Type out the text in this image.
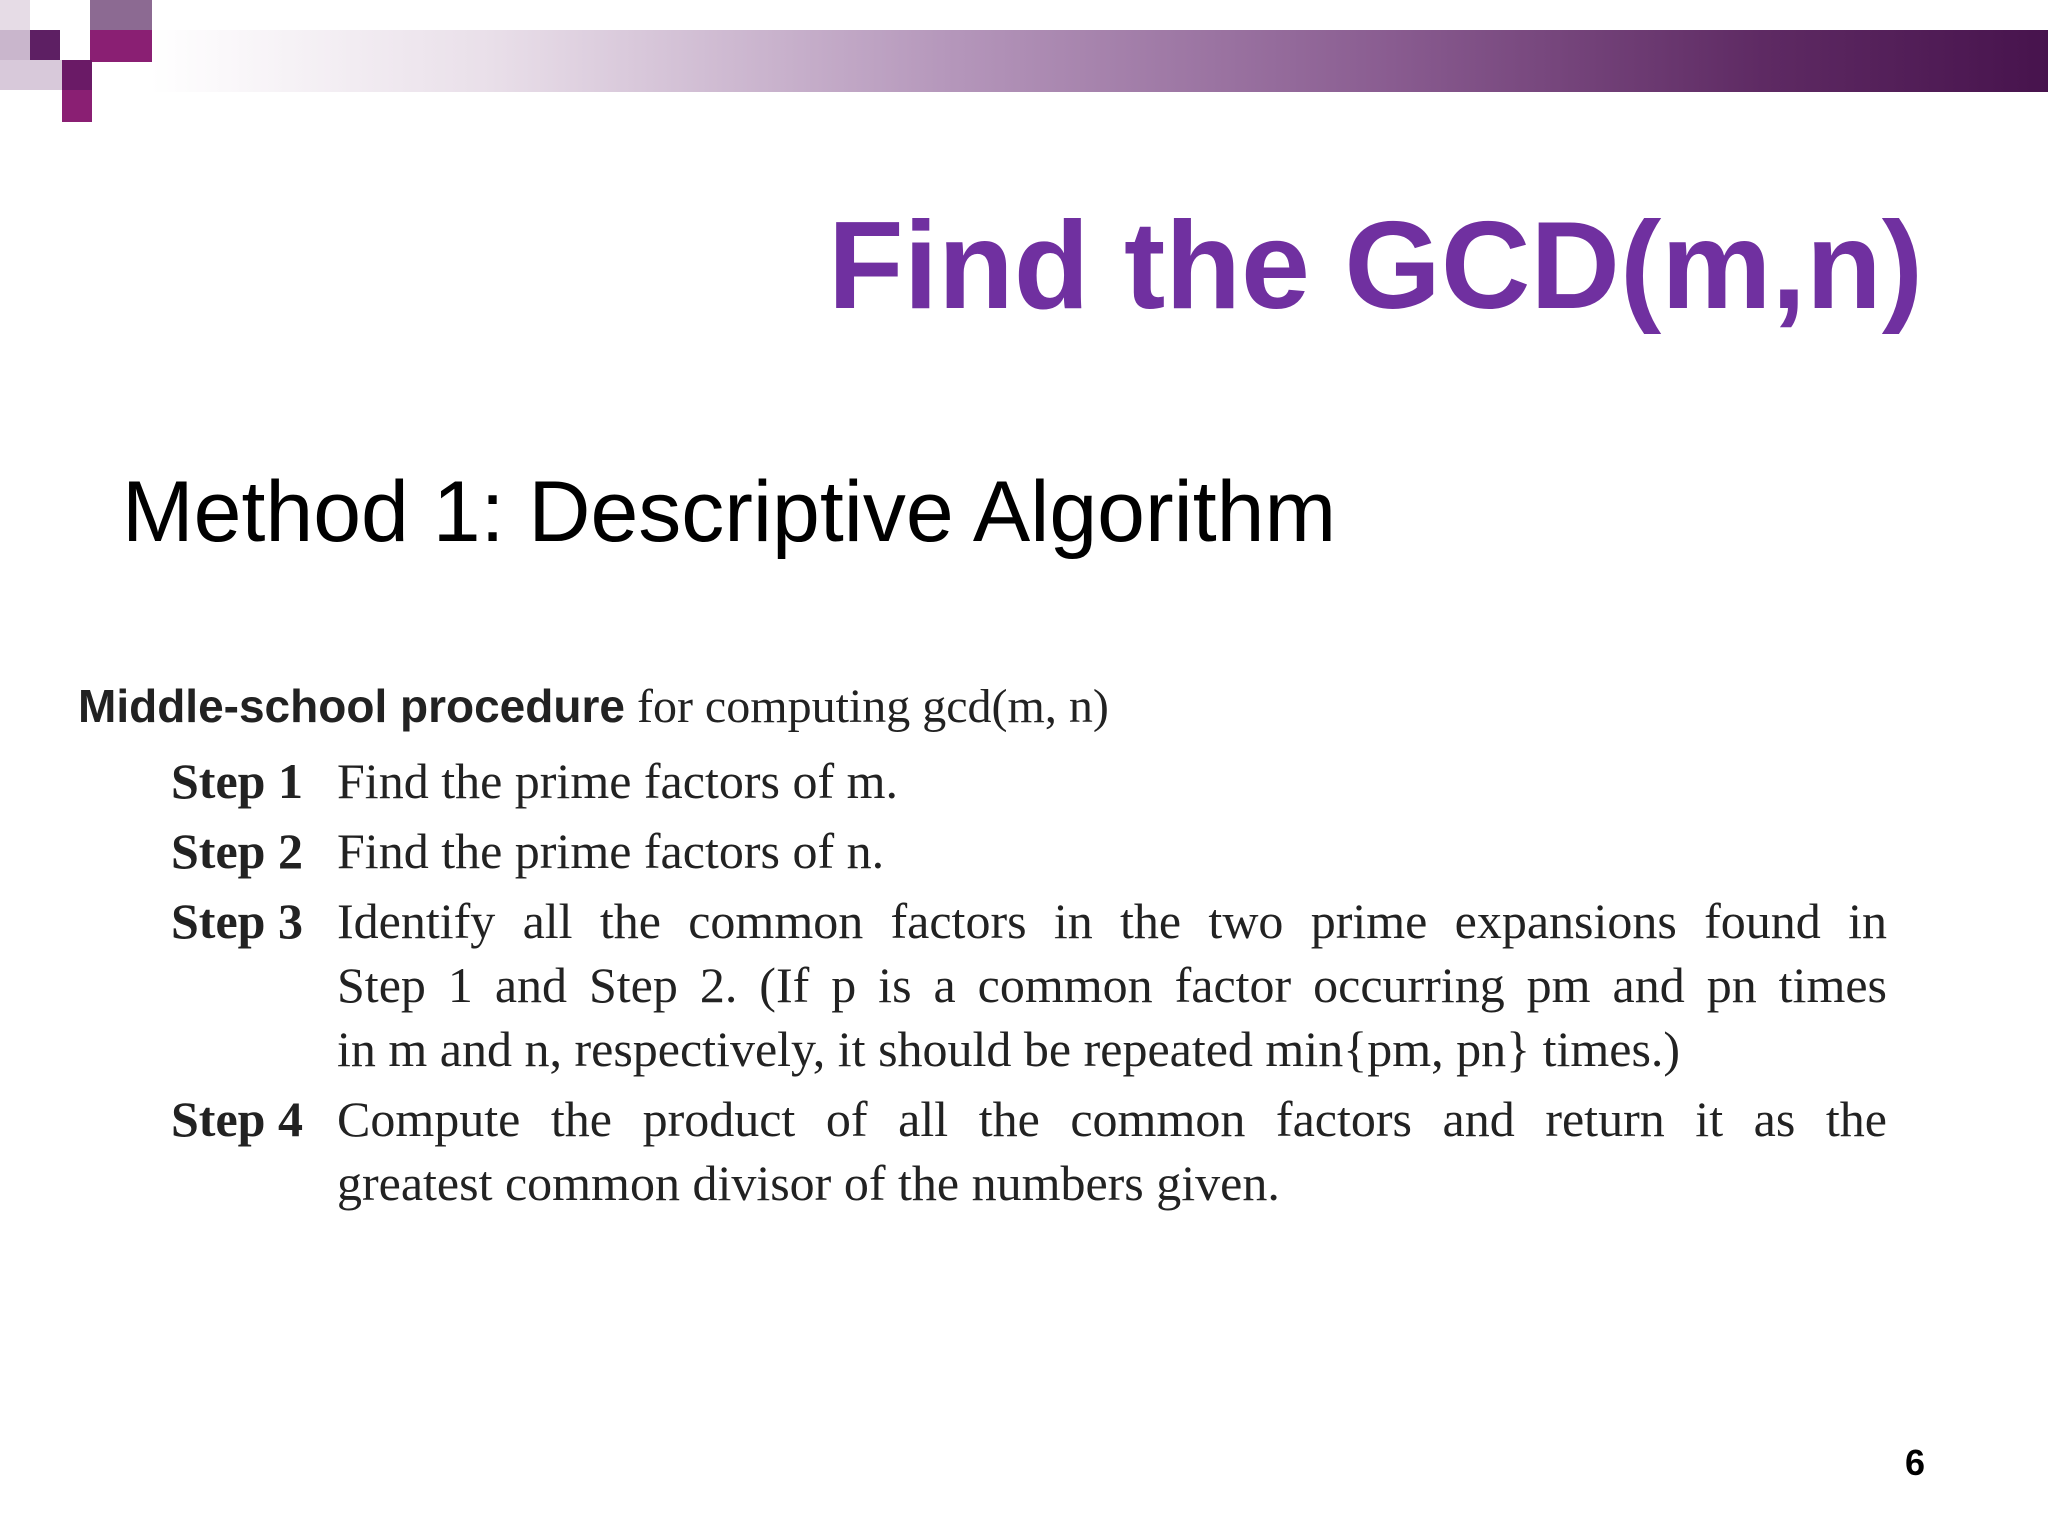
Find the GCD(m,n)
Method 1: Descriptive Algorithm
Middle-school procedure for computing gcd(m, n)
Step 1 Find the prime factors of m.
Step 2 Find the prime factors of n.
Step 3 Identify all the common factors in the two prime expansions found in
Step 1 and Step 2. (If p is a common factor occurring pm and pn times
in m and n, respectively, it should be repeated min{pm, pn} times.)
Step 4 Compute the product of all the common factors and return it as the
greatest common divisor of the numbers given.
6
